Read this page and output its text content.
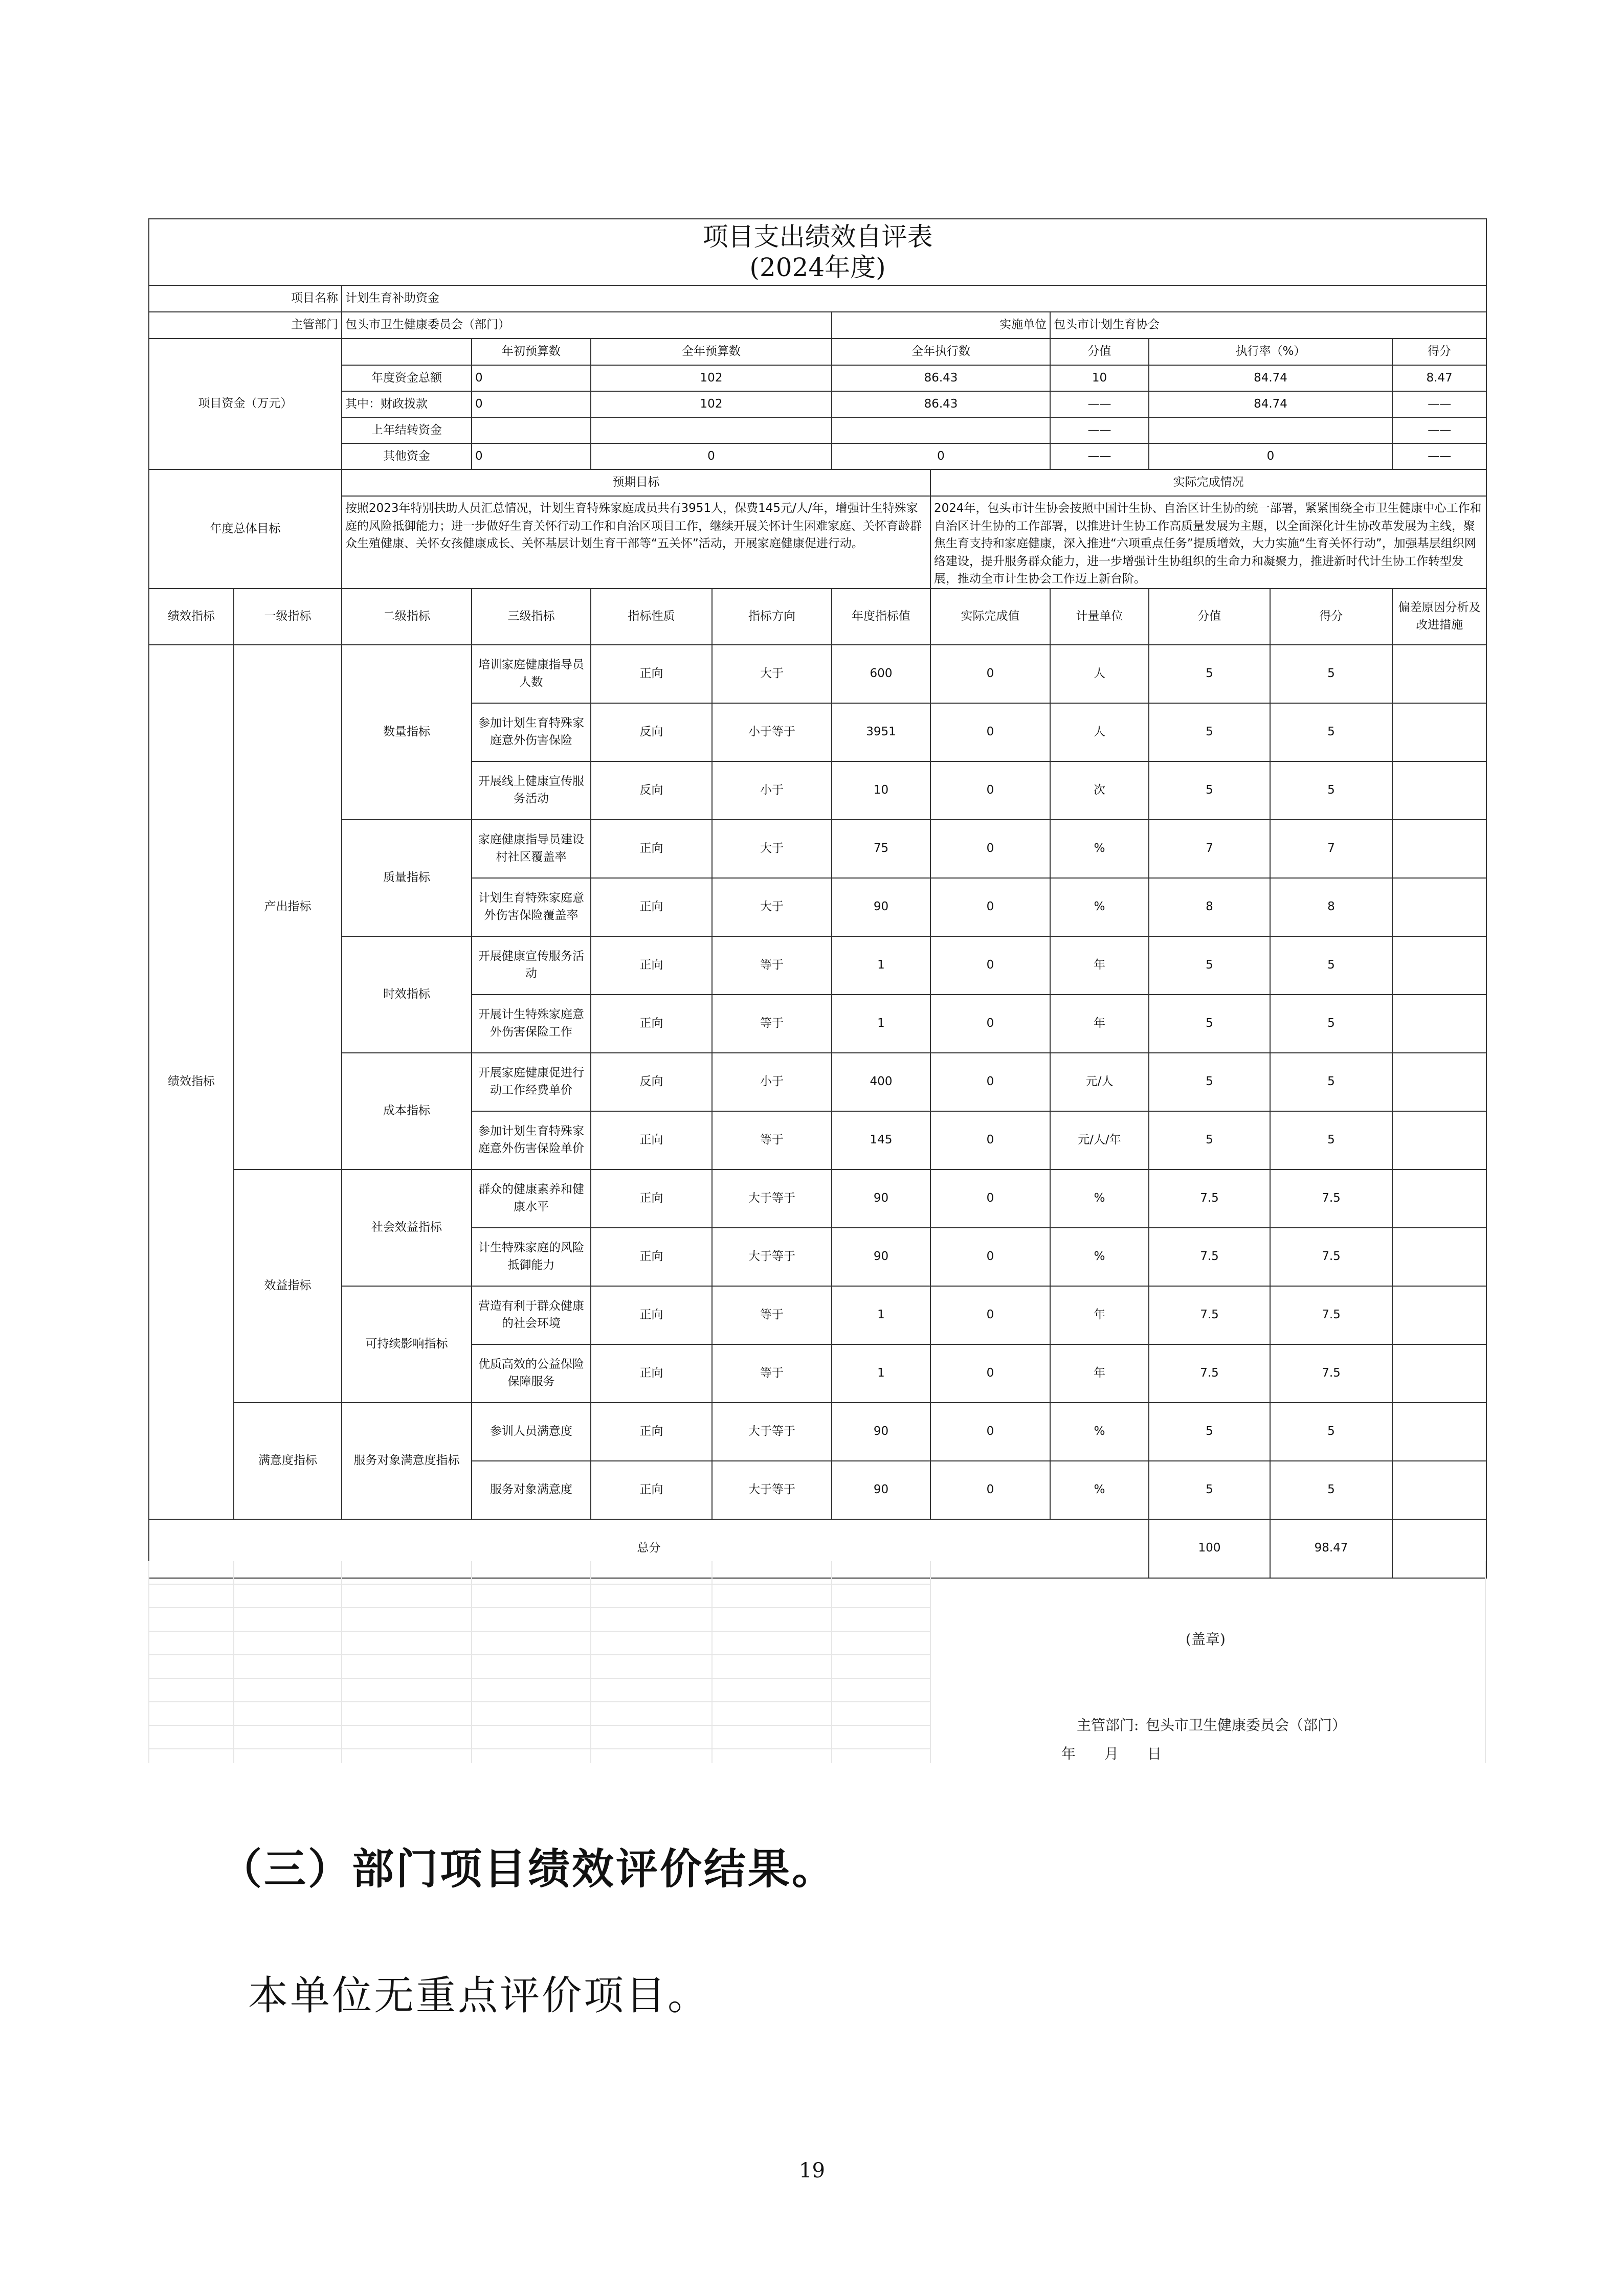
项目支出绩效自评表
(2024年度)											

项目名称		计划生育补助资金									
主管部门		包头市卫生健康委员会（部门）				实施单位		包头市计划生育协会			
项目资金（万元）			年初预算数	全年预算数		全年执行数		分值	执行率（%）		得分
		年度资金总额	0	102		86.43		10	84.74		8.47
		其中：财政拨款	0	102		86.43		——	84.74		——
		上年结转资金						——			——
		其他资金	0	0		0		——	0		——
年度总体目标		预期目标					实际完成情况				
		按照2023年特别扶助人员汇总情况，计划生育特殊家庭成员共有3951人，保费145元/人/年，增强计生特殊家庭的风险抵御能力；进一步做好生育关怀行动工作和自治区项目工作，继续开展关怀计生困难家庭、关怀育龄群众生殖健康、关怀女孩健康成长、关怀基层计划生育干部等“五关怀”活动，开展家庭健康促进行动。					2024年，包头市计生协会按照中国计生协、自治区计生协的统一部署，紧紧围绕全市卫生健康中心工作和自治区计生协的工作部署，以推进计生协工作高质量发展为主题，以全面深化计生协改革发展为主线，聚焦生育支持和家庭健康，深入推进“六项重点任务”提质增效，大力实施“生育关怀行动”，加强基层组织网络建设，提升服务群众能力，进一步增强计生协组织的生命力和凝聚力，推进新时代计生协工作转型发展，推动全市计生协会工作迈上新台阶。				
绩效指标	一级指标	二级指标	三级指标	指标性质	指标方向	年度指标值	实际完成值	计量单位	分值	得分	偏差原因分析及改进措施
绩效指标	产出指标	数量指标	培训家庭健康指导员人数	正向	大于	600	0	人	5	5	
			参加计划生育特殊家庭意外伤害保险	反向	小于等于	3951	0	人	5	5	
			开展线上健康宣传服务活动	反向	小于	10	0	次	5	5	
		质量指标	家庭健康指导员建设村社区覆盖率	正向	大于	75	0	%	7	7	
			计划生育特殊家庭意外伤害保险覆盖率	正向	大于	90	0	%	8	8	
		时效指标	开展健康宣传服务活动	正向	等于	1	0	年	5	5	
			开展计生特殊家庭意外伤害保险工作	正向	等于	1	0	年	5	5	
		成本指标	开展家庭健康促进行动工作经费单价	反向	小于	400	0	元/人	5	5	
			参加计划生育特殊家庭意外伤害保险单价	正向	等于	145	0	元/人/年	5	5	
	效益指标	社会效益指标	群众的健康素养和健康水平	正向	大于等于	90	0	%	7.5	7.5	
			计生特殊家庭的风险抵御能力	正向	大于等于	90	0	%	7.5	7.5	
		可持续影响指标	营造有利于群众健康的社会环境	正向	等于	1	0	年	7.5	7.5	
			优质高效的公益保险保障服务	正向	等于	1	0	年	7.5	7.5	
	满意度指标	服务对象满意度指标	参训人员满意度	正向	大于等于	90	0	%	5	5	
			服务对象满意度	正向	大于等于	90	0	%	5	5	
总分									100	98.47	
(盖章)
主管部门: 包头市卫生健康委员会（部门）
年　　月　　日
（三）部门项目绩效评价结果。
本单位无重点评价项目。
19
